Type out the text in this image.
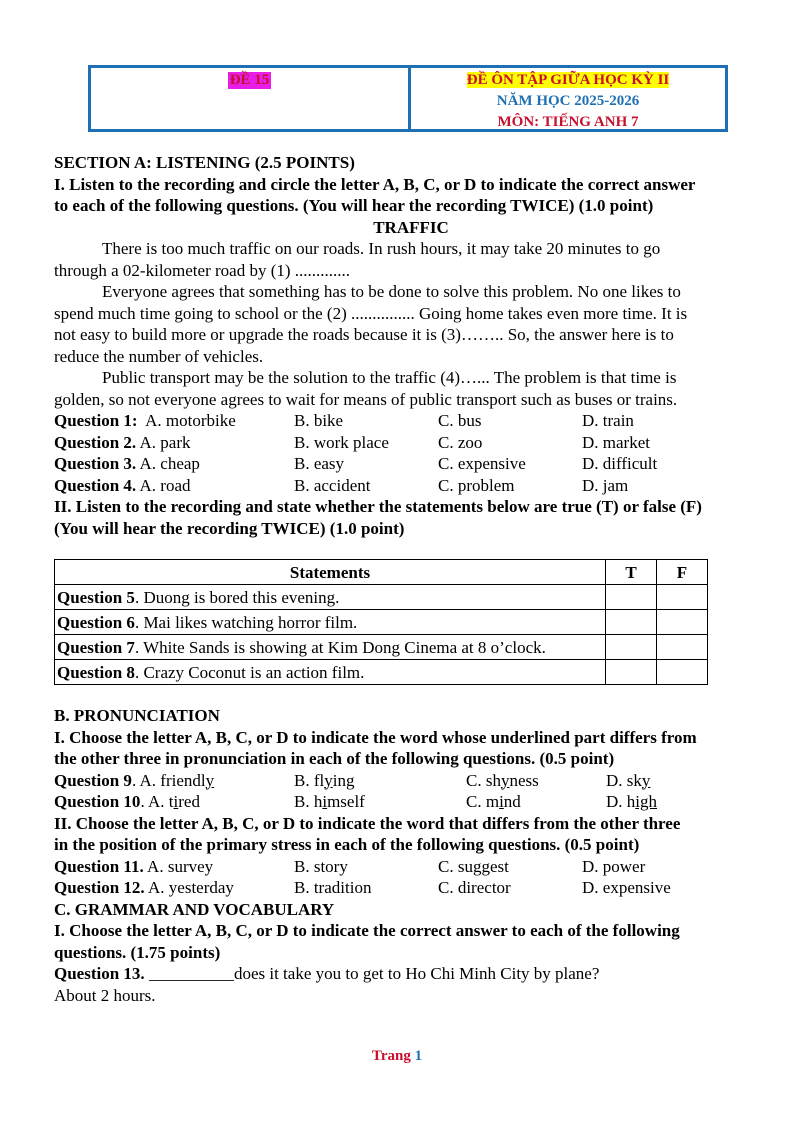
ĐỀ 15	ĐỀ ÔN TẬP GIỮA HỌC KỲ II
NĂM HỌC 2025-2026
MÔN: TIẾNG ANH 7
SECTION A: LISTENING (2.5 POINTS)
I. Listen to the recording and circle the letter A, B, C, or D to indicate the correct answer
to each of the following questions. (You will hear the recording TWICE) (1.0 point)
TRAFFIC
There is too much traffic on our roads. In rush hours, it may take 20 minutes to go
through a 02-kilometer road by (1) .............
Everyone agrees that something has to be done to solve this problem. No one likes to
spend much time going to school or the (2) ............... Going home takes even more time. It is
not easy to build more or upgrade the roads because it is (3)…….. So, the answer here is to
reduce the number of vehicles.
Public transport may be the solution to the traffic (4)…... The problem is that time is
golden, so not everyone agrees to wait for means of public transport such as buses or trains.
Question 1: A. motorbike	B. bike	C. bus	D. train
Question 2. A. park	B. work place	C. zoo	D. market
Question 3. A. cheap	B. easy	C. expensive	D. difficult
Question 4. A. road	B. accident	C. problem	D. jam
II. Listen to the recording and state whether the statements below are true (T) or false (F)
(You will hear the recording TWICE) (1.0 point)
Statements	T	F
Question 5. Duong is bored this evening.		
Question 6. Mai likes watching horror film.		
Question 7. White Sands is showing at Kim Dong Cinema at 8 o’clock.		
Question 8. Crazy Coconut is an action film.		
B. PRONUNCIATION
I. Choose the letter A, B, C, or D to indicate the word whose underlined part differs from
the other three in pronunciation in each of the following questions. (0.5 point)
Question 9. A. friendly	B. flying	C. shyness	D. sky
Question 10. A. tired	B. himself	C. mind	D. high
II. Choose the letter A, B, C, or D to indicate the word that differs from the other three
in the position of the primary stress in each of the following questions. (0.5 point)
Question 11. A. survey	B. story	C. suggest	D. power
Question 12. A. yesterday	B. tradition	C. director	D. expensive
C. GRAMMAR AND VOCABULARY
I. Choose the letter A, B, C, or D to indicate the correct answer to each of the following
questions. (1.75 points)
Question 13. __________does it take you to get to Ho Chi Minh City by plane?
About 2 hours.
Trang 1
